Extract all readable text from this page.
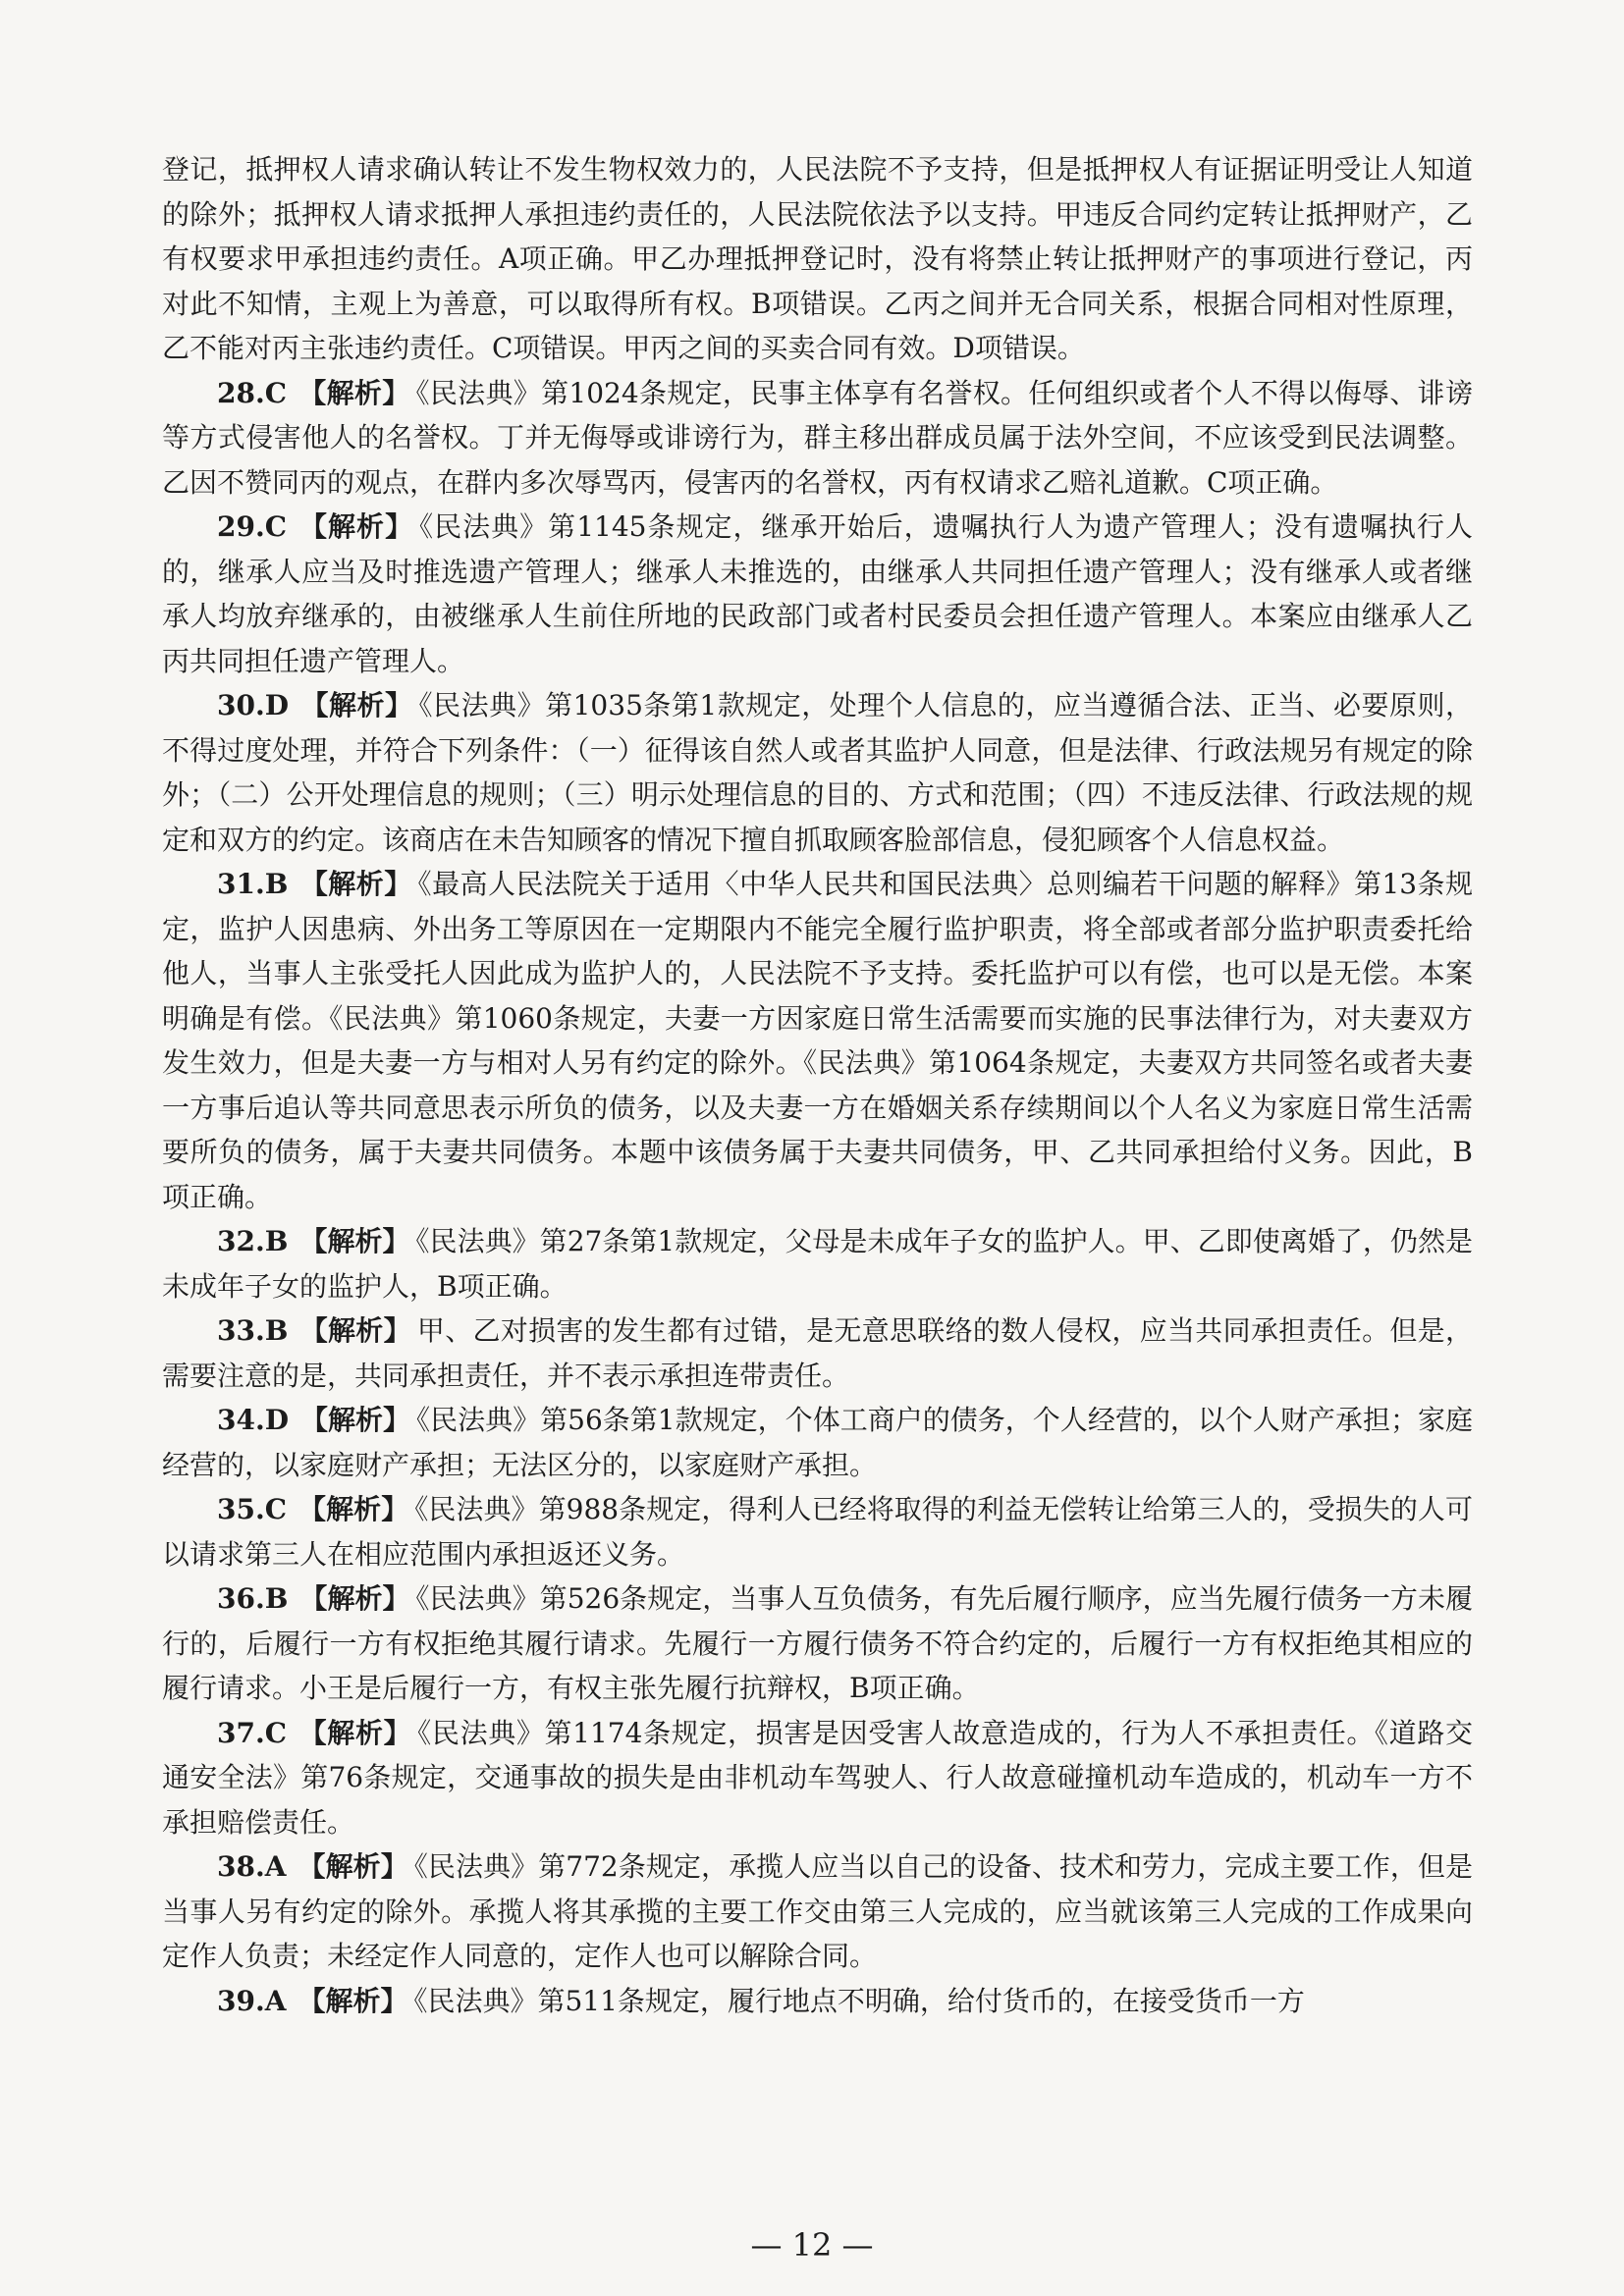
登记，抵押权人请求确认转让不发生物权效力的，人民法院不予支持，但是抵押权人有证据证明受让人知道的除外；抵押权人请求抵押人承担违约责任的，人民法院依法予以支持。甲违反合同约定转让抵押财产，乙有权要求甲承担违约责任。A项正确。甲乙办理抵押登记时，没有将禁止转让抵押财产的事项进行登记，丙对此不知情，主观上为善意，可以取得所有权。B项错误。乙丙之间并无合同关系，根据合同相对性原理，乙不能对丙主张违约责任。C项错误。甲丙之间的买卖合同有效。D项错误。

28.C 【解析】 《民法典》第1024条规定，民事主体享有名誉权。任何组织或者个人不得以侮辱、诽谤等方式侵害他人的名誉权。丁并无侮辱或诽谤行为，群主移出群成员属于法外空间，不应该受到民法调整。乙因不赞同丙的观点，在群内多次辱骂丙，侵害丙的名誉权，丙有权请求乙赔礼道歉。C项正确。

29.C 【解析】 《民法典》第1145条规定，继承开始后，遗嘱执行人为遗产管理人；没有遗嘱执行人的，继承人应当及时推选遗产管理人；继承人未推选的，由继承人共同担任遗产管理人；没有继承人或者继承人均放弃继承的，由被继承人生前住所地的民政部门或者村民委员会担任遗产管理人。本案应由继承人乙丙共同担任遗产管理人。

30.D 【解析】 《民法典》第1035条第1款规定，处理个人信息的，应当遵循合法、正当、必要原则，不得过度处理，并符合下列条件：（一）征得该自然人或者其监护人同意，但是法律、行政法规另有规定的除外；（二）公开处理信息的规则；（三）明示处理信息的目的、方式和范围；（四）不违反法律、行政法规的规定和双方的约定。该商店在未告知顾客的情况下擅自抓取顾客脸部信息，侵犯顾客个人信息权益。

31.B 【解析】 《最高人民法院关于适用〈中华人民共和国民法典〉总则编若干问题的解释》第13条规定，监护人因患病、外出务工等原因在一定期限内不能完全履行监护职责，将全部或者部分监护职责委托给他人，当事人主张受托人因此成为监护人的，人民法院不予支持。委托监护可以有偿，也可以是无偿。本案明确是有偿。《民法典》第1060条规定，夫妻一方因家庭日常生活需要而实施的民事法律行为，对夫妻双方发生效力，但是夫妻一方与相对人另有约定的除外。《民法典》第1064条规定，夫妻双方共同签名或者夫妻一方事后追认等共同意思表示所负的债务，以及夫妻一方在婚姻关系存续期间以个人名义为家庭日常生活需要所负的债务，属于夫妻共同债务。本题中该债务属于夫妻共同债务，甲、乙共同承担给付义务。因此，B项正确。

32.B 【解析】 《民法典》第27条第1款规定，父母是未成年子女的监护人。甲、乙即使离婚了，仍然是未成年子女的监护人，B项正确。

33.B 【解析】 甲、乙对损害的发生都有过错，是无意思联络的数人侵权，应当共同承担责任。但是，需要注意的是，共同承担责任，并不表示承担连带责任。

34.D 【解析】 《民法典》第56条第1款规定，个体工商户的债务，个人经营的，以个人财产承担；家庭经营的，以家庭财产承担；无法区分的，以家庭财产承担。

35.C 【解析】 《民法典》第988条规定，得利人已经将取得的利益无偿转让给第三人的，受损失的人可以请求第三人在相应范围内承担返还义务。

36.B 【解析】 《民法典》第526条规定，当事人互负债务，有先后履行顺序，应当先履行债务一方未履行的，后履行一方有权拒绝其履行请求。先履行一方履行债务不符合约定的，后履行一方有权拒绝其相应的履行请求。小王是后履行一方，有权主张先履行抗辩权，B项正确。

37.C 【解析】 《民法典》第1174条规定，损害是因受害人故意造成的，行为人不承担责任。《道路交通安全法》第76条规定，交通事故的损失是由非机动车驾驶人、行人故意碰撞机动车造成的，机动车一方不承担赔偿责任。

38.A 【解析】 《民法典》第772条规定，承揽人应当以自己的设备、技术和劳力，完成主要工作，但是当事人另有约定的除外。承揽人将其承揽的主要工作交由第三人完成的，应当就该第三人完成的工作成果向定作人负责；未经定作人同意的，定作人也可以解除合同。

39.A 【解析】 《民法典》第511条规定，履行地点不明确，给付货币的，在接受货币一方

— 12 —
